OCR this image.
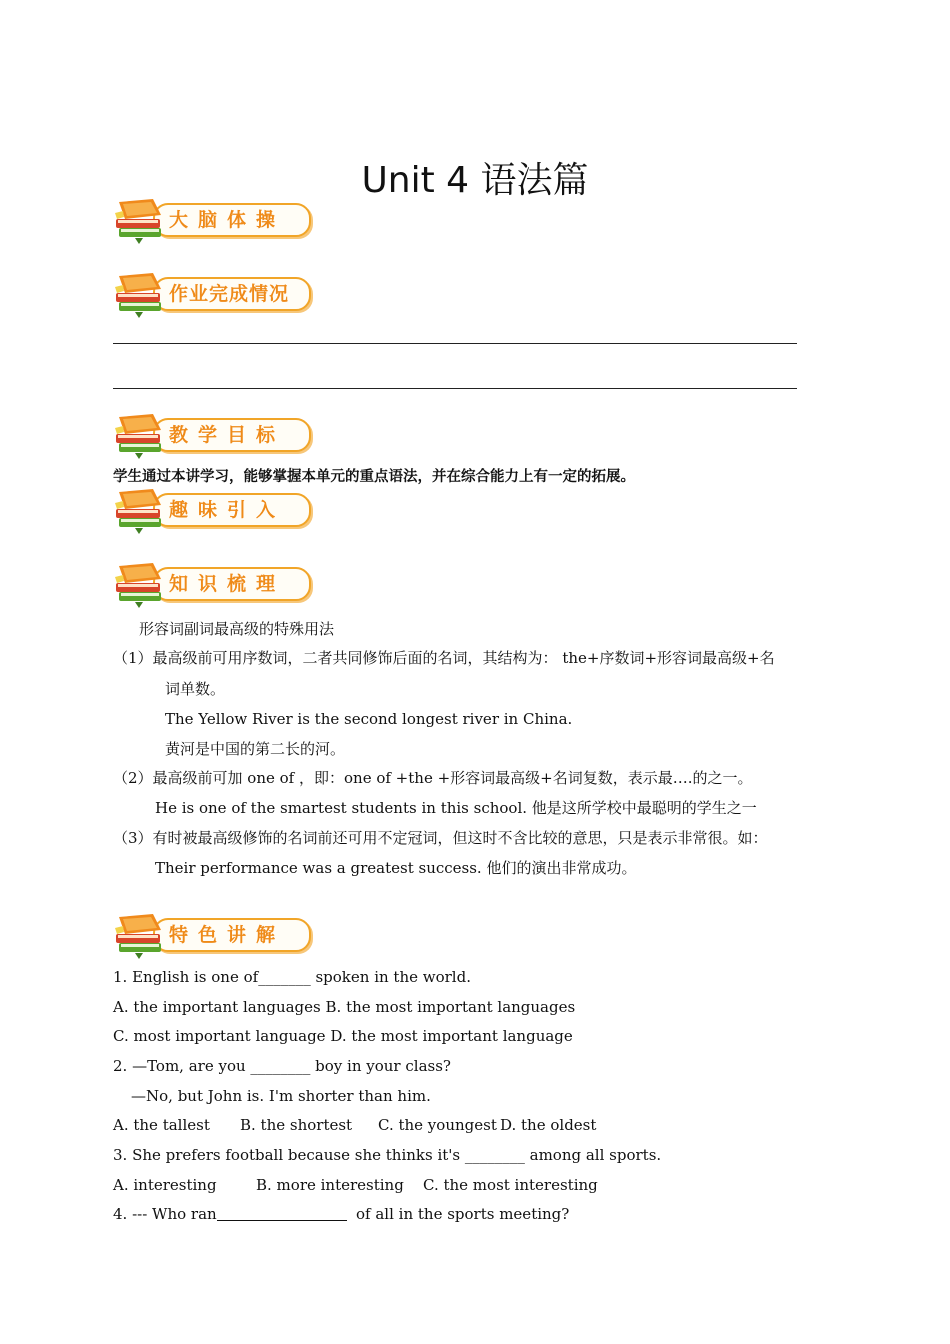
Unit 4 语法篇
大脑体操
作业完成情况
教学目标
学生通过本讲学习，能够掌握本单元的重点语法，并在综合能力上有一定的拓展。
趣味引入
知识梳理
形容词副词最高级的特殊用法
（1）最高级前可用序数词，二者共同修饰后面的名词，其结构为： the+序数词+形容词最高级+名
词单数。
The Yellow River is the second longest river in China.
黄河是中国的第二长的河。
（2）最高级前可加 one of ，即：one of +the +形容词最高级+名词复数，表示最….的之一。
He is one of the smartest students in this school. 他是这所学校中最聪明的学生之一
（3）有时被最高级修饰的名词前还可用不定冠词，但这时不含比较的意思，只是表示非常很。如：
Their performance was a greatest success. 他们的演出非常成功。
特色讲解
1. English is one of_______ spoken in the world.
A. the important languages B. the most important languages
C. most important language D. the most important language
2. —Tom, are you ________ boy in your class?
—No, but John is. I'm shorter than him.
A. the tallest B. the shortest C. the youngest D. the oldest
3. She prefers football because she thinks it's ________ among all sports.
A. interesting	B. more interesting C. the most interesting
4. --- Who ran	of all in the sports meeting?
